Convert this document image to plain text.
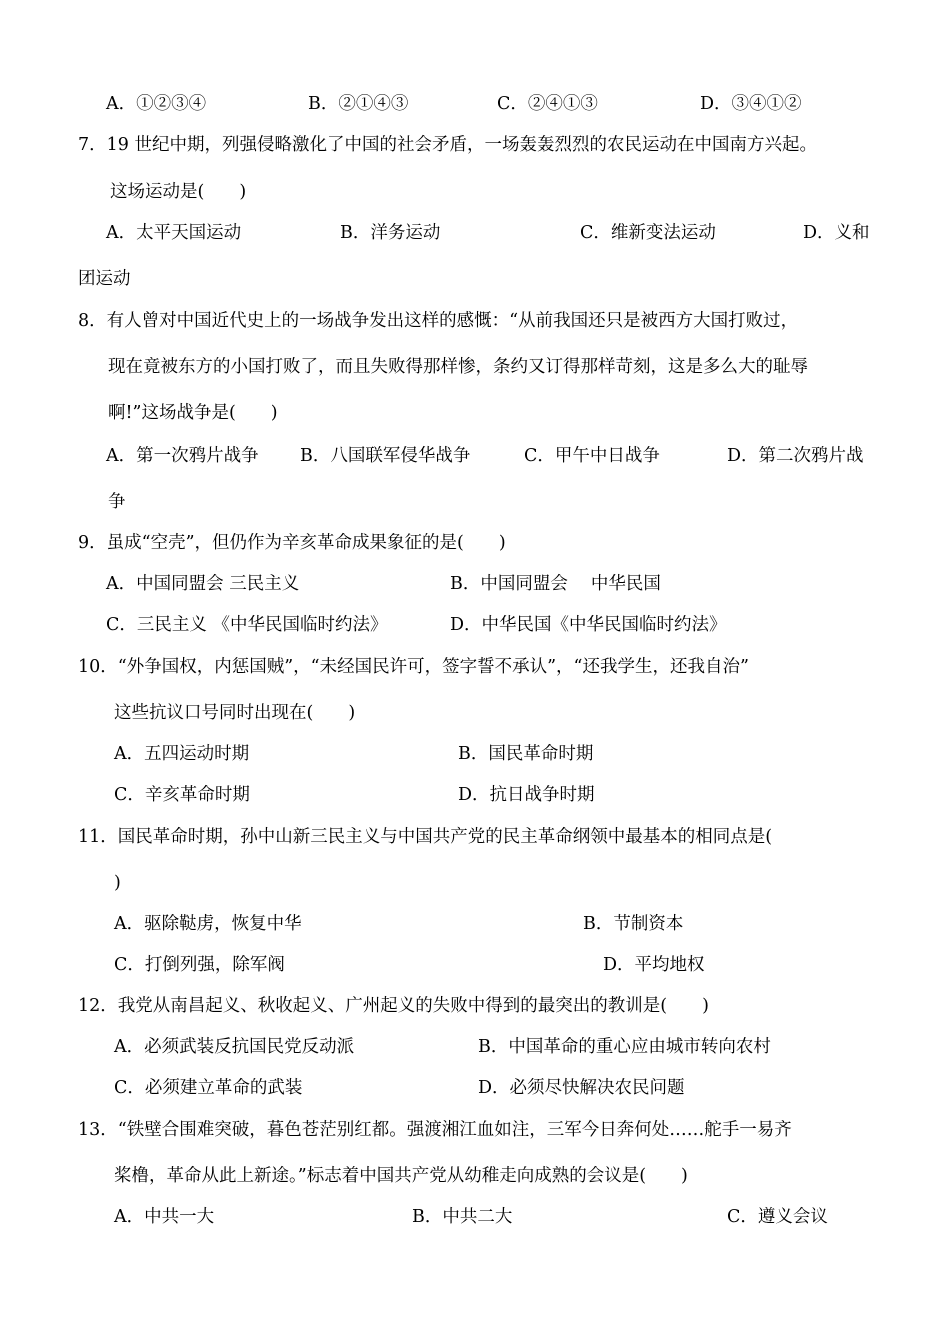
A．①②③④	B．②①④③	C．②④①③	D．③④①②
7．19 世纪中期，列强侵略激化了中国的社会矛盾，一场轰轰烈烈的农民运动在中国南方兴起。
这场运动是(　　)
A．太平天国运动	B．洋务运动	C．维新变法运动	D．义和
团运动
8．有人曾对中国近代史上的一场战争发出这样的感慨：“从前我国还只是被西方大国打败过，
现在竟被东方的小国打败了，而且失败得那样惨，条约又订得那样苛刻，这是多么大的耻辱
啊!”这场战争是(　　)
A．第一次鸦片战争 B．八国联军侵华战争	C．甲午中日战争	D．第二次鸦片战
争
9．虽成“空壳”，但仍作为辛亥革命成果象征的是(　　)
A．中国同盟会 三民主义	B．中国同盟会　 中华民国
C．三民主义 《中华民国临时约法》	D．中华民国《中华民国临时约法》
10．“外争国权，内惩国贼”，“未经国民许可，签字誓不承认”，“还我学生，还我自治”
这些抗议口号同时出现在(　　)
A．五四运动时期	B．国民革命时期
C．辛亥革命时期	D．抗日战争时期
11．国民革命时期，孙中山新三民主义与中国共产党的民主革命纲领中最基本的相同点是(
)
A．驱除鞑虏，恢复中华	B．节制资本
C．打倒列强，除军阀	D．平均地权
12．我党从南昌起义、秋收起义、广州起义的失败中得到的最突出的教训是(　　)
A．必须武装反抗国民党反动派	B．中国革命的重心应由城市转向农村
C．必须建立革命的武装	D．必须尽快解决农民问题
13．“铁壁合围难突破，暮色苍茫别红都。强渡湘江血如注，三军今日奔何处……舵手一易齐
桨橹，革命从此上新途。”标志着中国共产党从幼稚走向成熟的会议是(　　)
A．中共一大	B．中共二大	C．遵义会议
